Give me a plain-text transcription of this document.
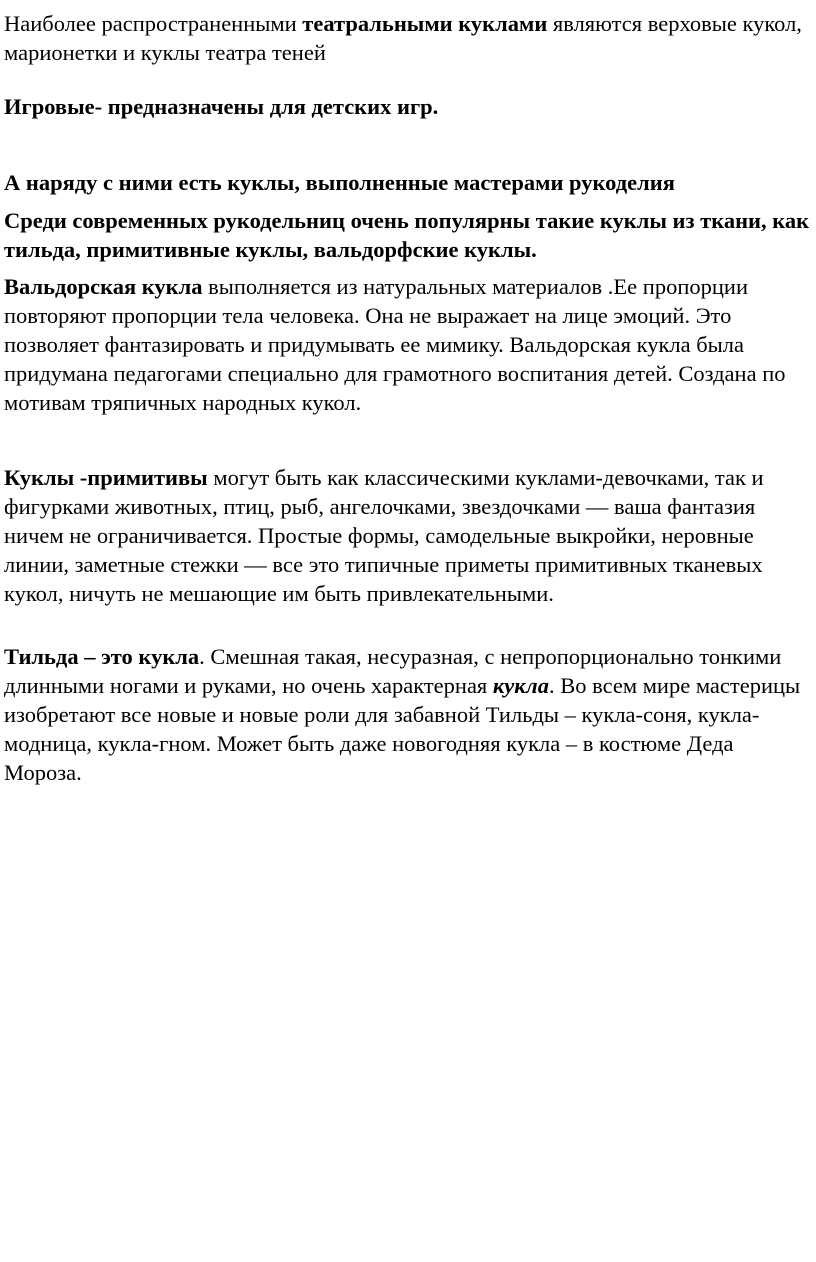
Наиболее распространенными театральными куклами являются верховые кукол, марионетки и куклы театра теней

Игровые- предназначены для детских игр.

А наряду с ними есть куклы, выполненные мастерами рукоделия

Среди современных рукодельниц очень популярны такие куклы из ткани, как тильда, примитивные куклы, вальдорфские куклы.

Вальдорская кукла выполняется из натуральных материалов .Ее пропорции повторяют пропорции тела человека. Она не выражает на лице эмоций. Это позволяет фантазировать и придумывать ее мимику. Вальдорская кукла была придумана педагогами специально для грамотного воспитания детей. Создана по мотивам тряпичных народных кукол.

Куклы -примитивы могут быть как классическими куклами-девочками, так и фигурками животных, птиц, рыб, ангелочками, звездочками — ваша фантазия ничем не ограничивается. Простые формы, самодельные выкройки, неровные линии, заметные стежки — все это типичные приметы примитивных тканевых кукол, ничуть не мешающие им быть привлекательными.

Тильда – это кукла. Смешная такая, несуразная, с непропорционально тонкими длинными ногами и руками, но очень характерная кукла. Во всем мире мастерицы изобретают все новые и новые роли для забавной Тильды – кукла-соня, кукла-модница, кукла-гном. Может быть даже новогодняя кукла – в костюме Деда Мороза.
